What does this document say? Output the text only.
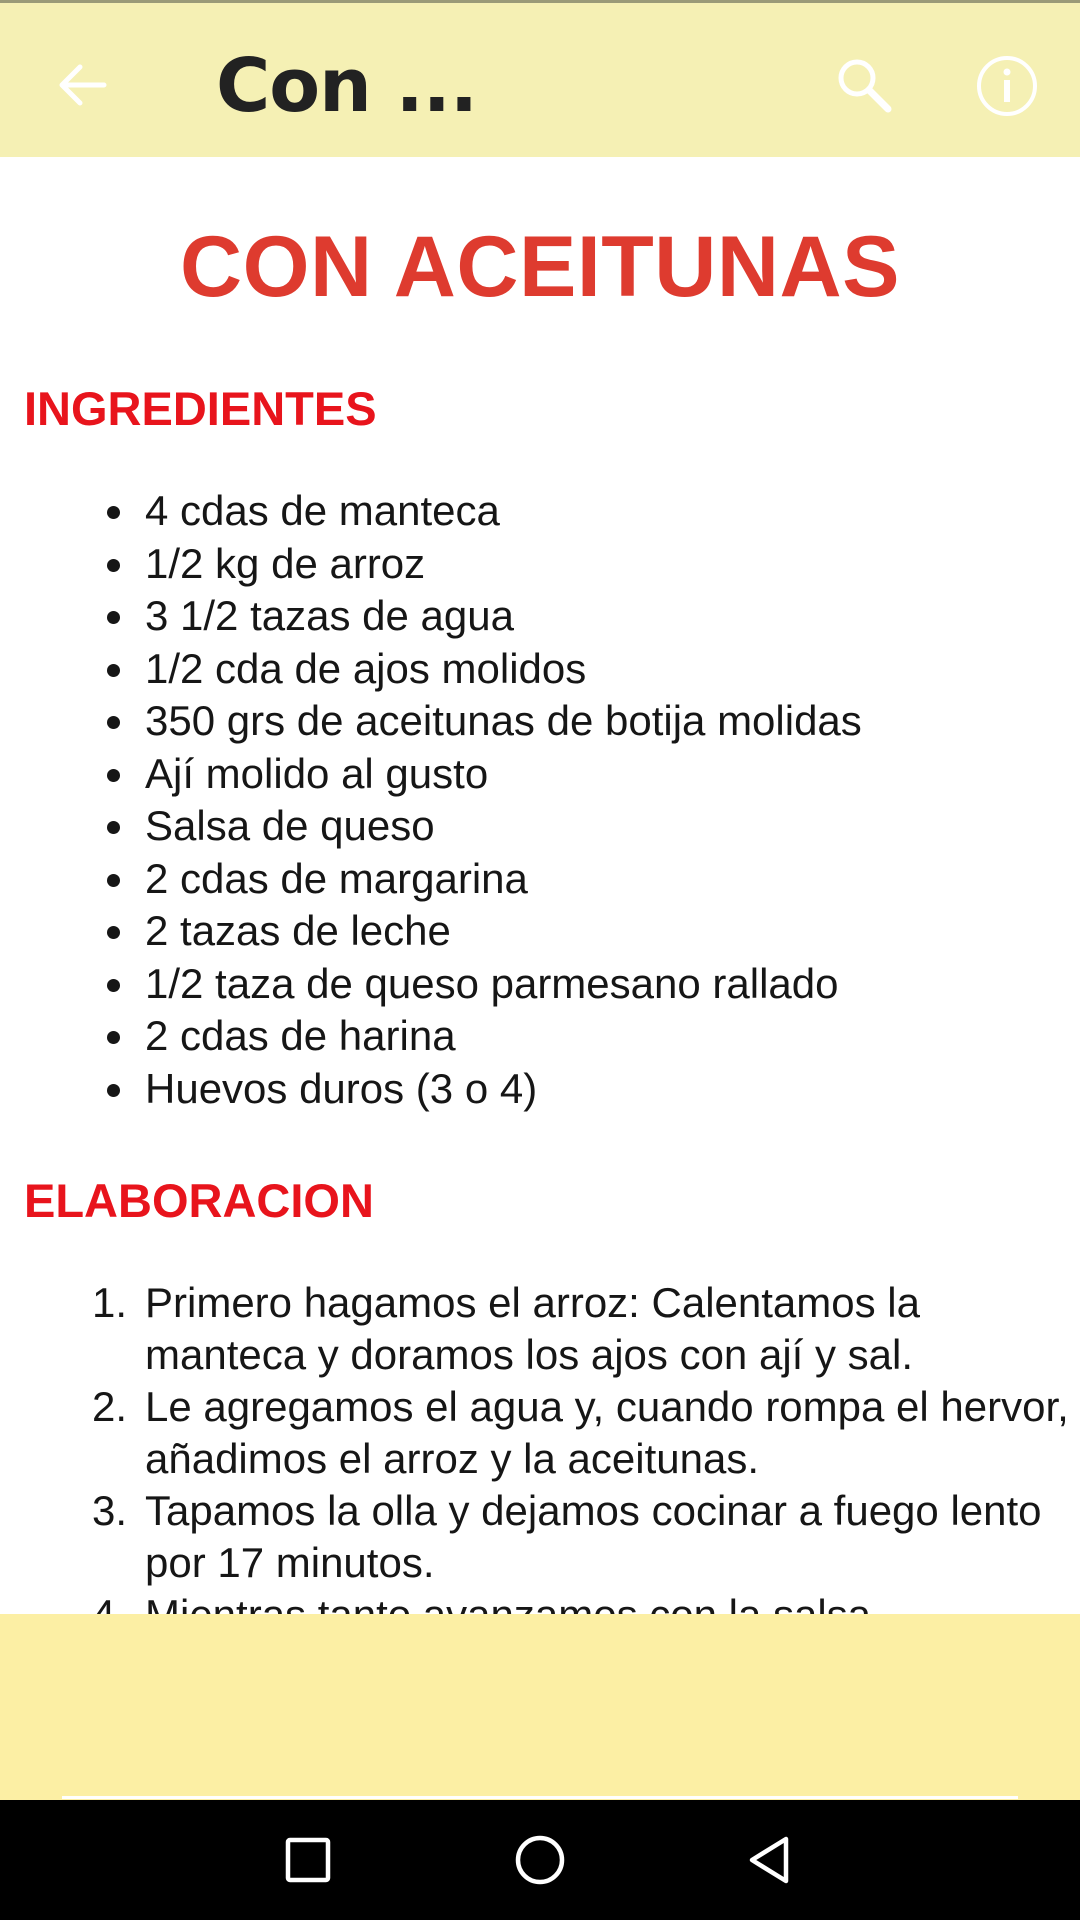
Con ...
CON ACEITUNAS
INGREDIENTES
4 cdas de manteca
1/2 kg de arroz
3 1/2 tazas de agua
1/2 cda de ajos molidos
350 grs de aceitunas de botija molidas
Ají molido al gusto
Salsa de queso
2 cdas de margarina
2 tazas de leche
1/2 taza de queso parmesano rallado
2 cdas de harina
Huevos duros (3 o 4)
ELABORACION
1. Primero hagamos el arroz: Calentamos la manteca y doramos los ajos con ají y sal.
2. Le agregamos el agua y, cuando rompa el hervor, añadimos el arroz y la aceitunas.
3. Tapamos la olla y dejamos cocinar a fuego lento por 17 minutos.
